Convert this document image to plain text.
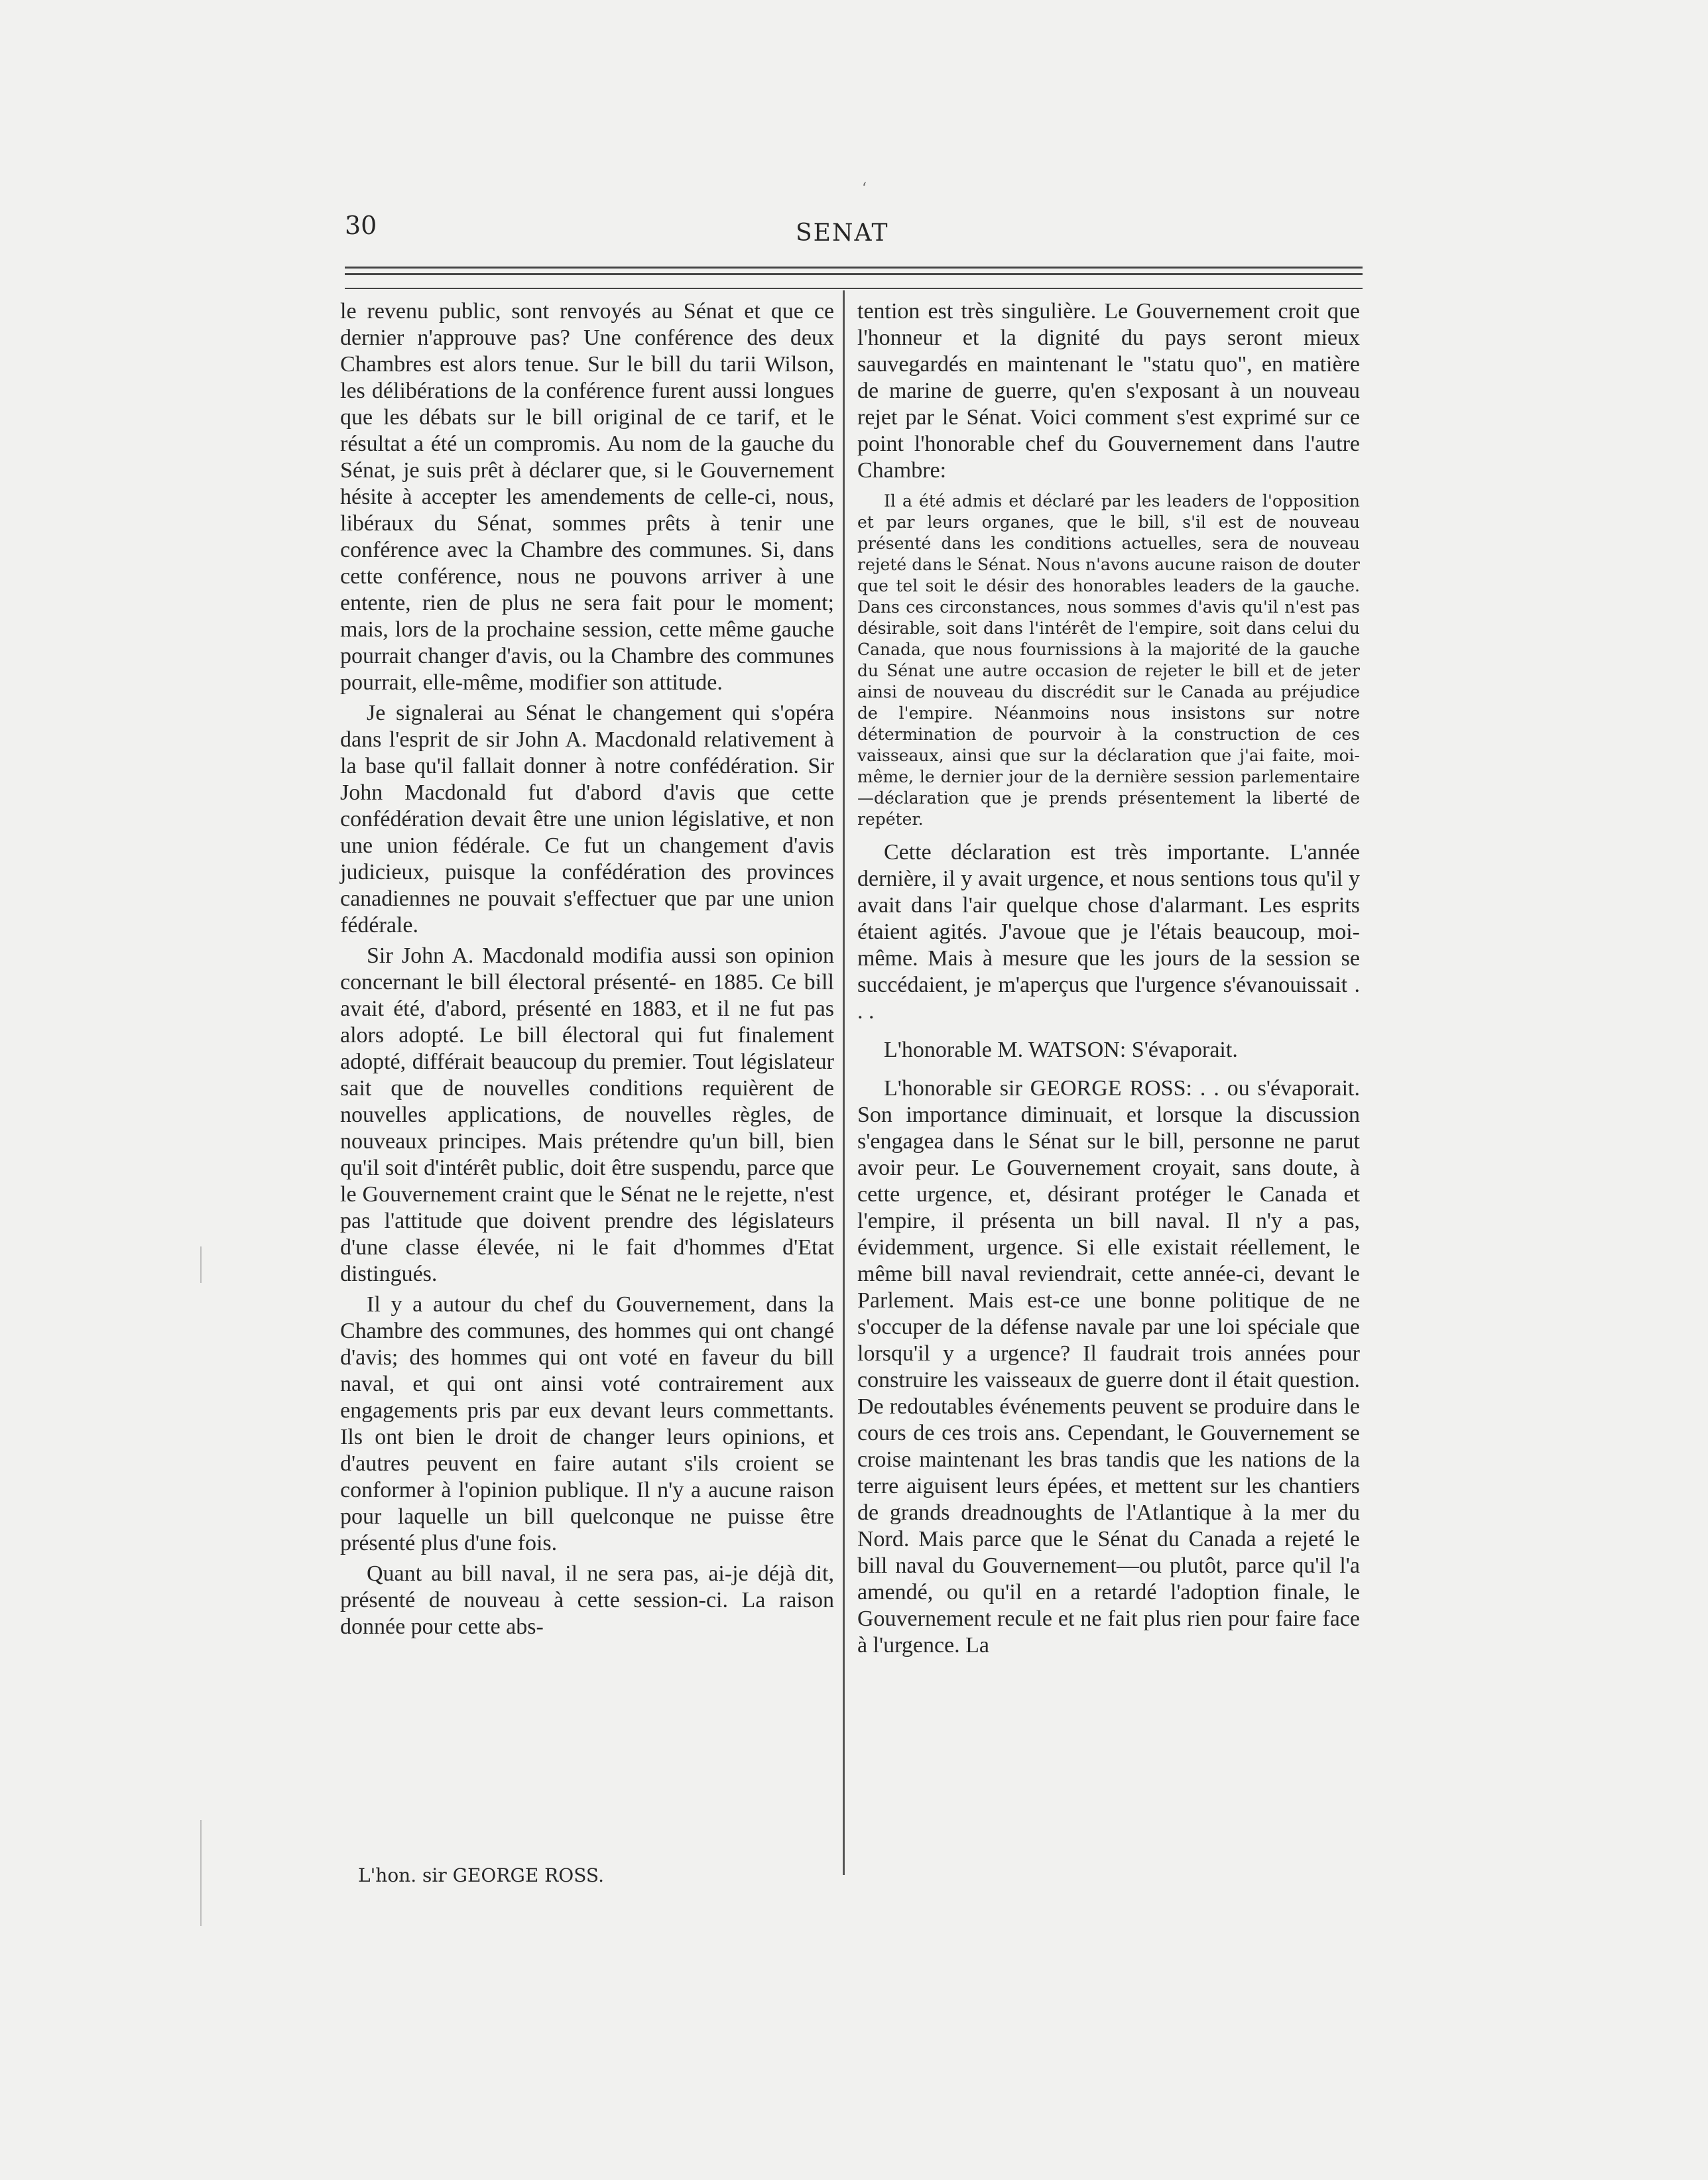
ʻ
30	SENAT

le revenu public, sont renvoyés au Sénat et que ce dernier n'approuve pas? Une conférence des deux Chambres est alors tenue. Sur le bill du tarii Wilson, les délibérations de la conférence furent aussi longues que les débats sur le bill original de ce tarif, et le résultat a été un compromis. Au nom de la gauche du Sénat, je suis prêt à déclarer que, si le Gouvernement hésite à accepter les amendements de celle-ci, nous, libéraux du Sénat, sommes prêts à tenir une conférence avec la Chambre des communes. Si, dans cette conférence, nous ne pouvons arriver à une entente, rien de plus ne sera fait pour le moment; mais, lors de la prochaine session, cette même gauche pourrait changer d'avis, ou la Chambre des communes pourrait, elle-même, modifier son attitude.

Je signalerai au Sénat le changement qui s'opéra dans l'esprit de sir John A. Macdonald relativement à la base qu'il fallait donner à notre confédération. Sir John Macdonald fut d'abord d'avis que cette confédération devait être une union législative, et non une union fédérale. Ce fut un changement d'avis judicieux, puisque la confédération des provinces canadiennes ne pouvait s'effectuer que par une union fédérale.

Sir John A. Macdonald modifia aussi son opinion concernant le bill électoral présenté- en 1885. Ce bill avait été, d'abord, présenté en 1883, et il ne fut pas alors adopté. Le bill électoral qui fut finalement adopté, différait beaucoup du premier. Tout législateur sait que de nouvelles conditions requièrent de nouvelles applications, de nouvelles règles, de nouveaux principes. Mais prétendre qu'un bill, bien qu'il soit d'intérêt public, doit être suspendu, parce que le Gouvernement craint que le Sénat ne le rejette, n'est pas l'attitude que doivent prendre des législateurs d'une classe élevée, ni le fait d'hommes d'Etat distingués.

Il y a autour du chef du Gouvernement, dans la Chambre des communes, des hommes qui ont changé d'avis; des hommes qui ont voté en faveur du bill naval, et qui ont ainsi voté contrairement aux engagements pris par eux devant leurs commettants. Ils ont bien le droit de changer leurs opinions, et d'autres peuvent en faire autant s'ils croient se conformer à l'opinion publique. Il n'y a aucune raison pour laquelle un bill quelconque ne puisse être présenté plus d'une fois.

Quant au bill naval, il ne sera pas, ai-je déjà dit, présenté de nouveau à cette session-ci. La raison donnée pour cette abs-

tention est très singulière. Le Gouvernement croit que l'honneur et la dignité du pays seront mieux sauvegardés en maintenant le "statu quo", en matière de marine de guerre, qu'en s'exposant à un nouveau rejet par le Sénat. Voici comment s'est exprimé sur ce point l'honorable chef du Gouvernement dans l'autre Chambre:

Il a été admis et déclaré par les leaders de l'opposition et par leurs organes, que le bill, s'il est de nouveau présenté dans les conditions actuelles, sera de nouveau rejeté dans le Sénat. Nous n'avons aucune raison de douter que tel soit le désir des honorables leaders de la gauche. Dans ces circonstances, nous sommes d'avis qu'il n'est pas désirable, soit dans l'intérêt de l'empire, soit dans celui du Canada, que nous fournissions à la majorité de la gauche du Sénat une autre occasion de rejeter le bill et de jeter ainsi de nouveau du discrédit sur le Canada au préjudice de l'empire. Néanmoins nous insistons sur notre détermination de pourvoir à la construction de ces vaisseaux, ainsi que sur la déclaration que j'ai faite, moi-même, le dernier jour de la dernière session parlementaire—déclaration que je prends présentement la liberté de repéter.

Cette déclaration est très importante. L'année dernière, il y avait urgence, et nous sentions tous qu'il y avait dans l'air quelque chose d'alarmant. Les esprits étaient agités. J'avoue que je l'étais beaucoup, moi-même. Mais à mesure que les jours de la session se succédaient, je m'aperçus que l'urgence s'évanouissait . . .

L'honorable M. WATSON: S'évaporait.

L'honorable sir GEORGE ROSS: . . ou s'évaporait. Son importance diminuait, et lorsque la discussion s'engagea dans le Sénat sur le bill, personne ne parut avoir peur. Le Gouvernement croyait, sans doute, à cette urgence, et, désirant protéger le Canada et l'empire, il présenta un bill naval. Il n'y a pas, évidemment, urgence. Si elle existait réellement, le même bill naval reviendrait, cette année-ci, devant le Parlement. Mais est-ce une bonne politique de ne s'occuper de la défense navale par une loi spéciale que lorsqu'il y a urgence? Il faudrait trois années pour construire les vaisseaux de guerre dont il était question. De redoutables événements peuvent se produire dans le cours de ces trois ans. Cependant, le Gouvernement se croise maintenant les bras tandis que les nations de la terre aiguisent leurs épées, et mettent sur les chantiers de grands dreadnoughts de l'Atlantique à la mer du Nord. Mais parce que le Sénat du Canada a rejeté le bill naval du Gouvernement—ou plutôt, parce qu'il l'a amendé, ou qu'il en a retardé l'adoption finale, le Gouvernement recule et ne fait plus rien pour faire face à l'urgence. La

L'hon. sir GEORGE ROSS.
